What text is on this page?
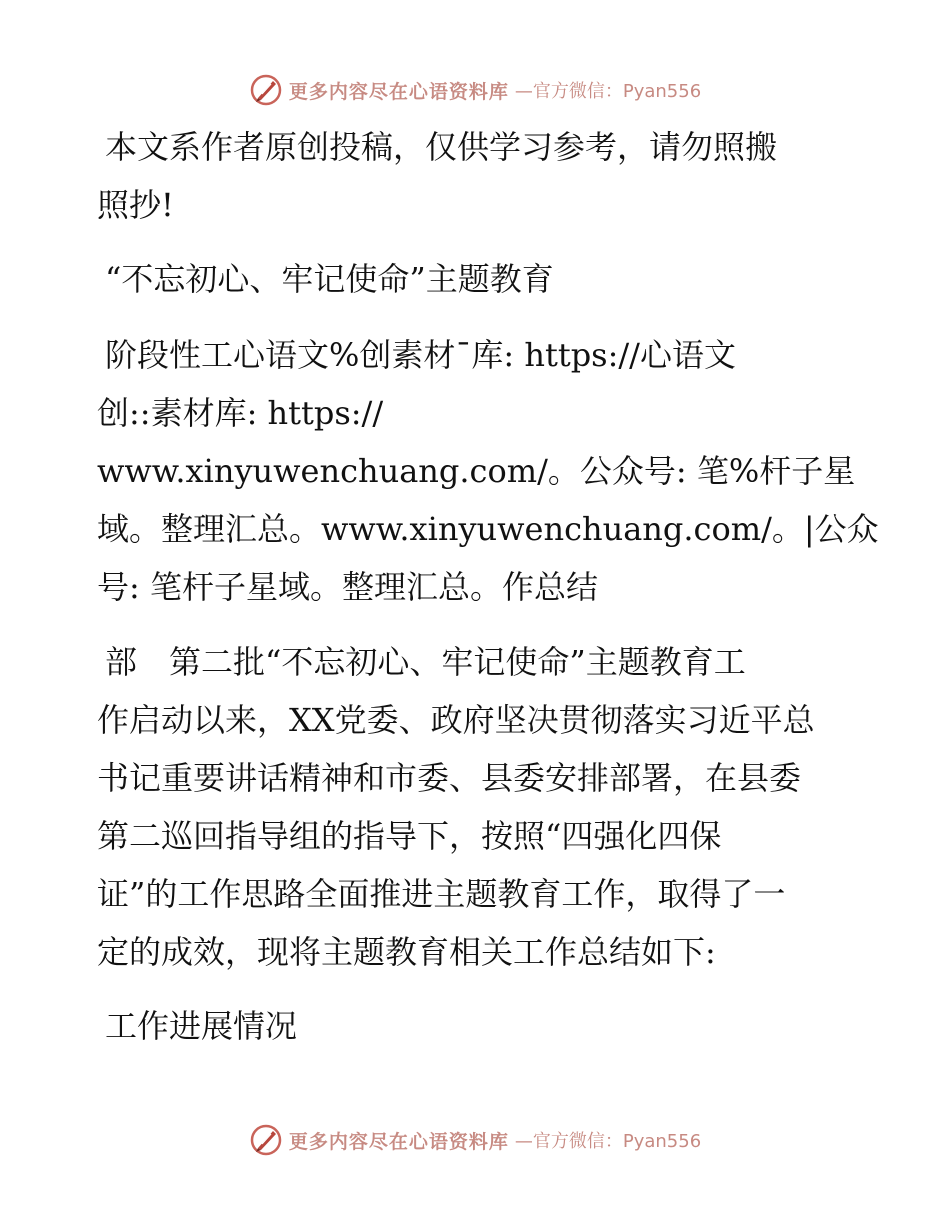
更多内容尽在心语资料库 —官方微信：Pyan556
本文系作者原创投稿，仅供学习参考，请勿照搬
照抄!
“不忘初心、牢记使命”主题教育
阶段性工心语文%创素材¯库: https://心语文
创::素材库: https://
www.xinyuwenchuang.com/。公众号: 笔%杆子星
域。整理汇总。www.xinyuwenchuang.com/。|公众
号: 笔杆子星域。整理汇总。作总结
部　第二批“不忘初心、牢记使命”主题教育工
作启动以来，XX党委、政府坚决贯彻落实习近平总
书记重要讲话精神和市委、县委安排部署，在县委
第二巡回指导组的指导下，按照“四强化四保
证”的工作思路全面推进主题教育工作，取得了一
定的成效，现将主题教育相关工作总结如下:
工作进展情况
更多内容尽在心语资料库 —官方微信：Pyan556
